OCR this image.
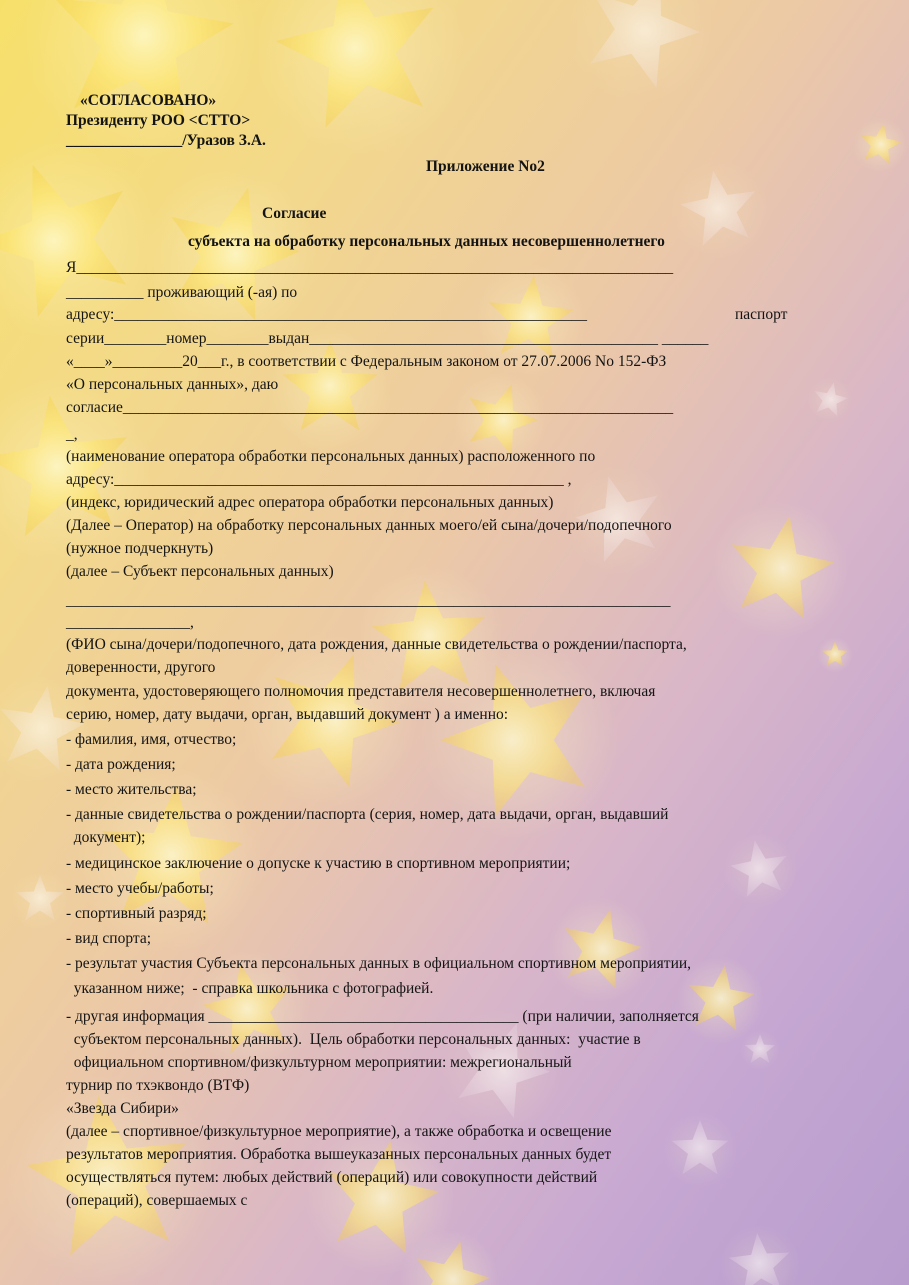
«СОГЛАСОВАНО»

Президенту РОО <СТТО>

_______________/Уразов З.А.

Приложение No2

Согласие

субъекта на обработку персональных данных несовершеннолетнего

Я_____________________________________________________________________________

__________ проживающий (-ая) по

адресу:_____________________________________________________________	паспорт

серии________номер________выдан_____________________________________________ ______

«____»_________20___г., в соответствии с Федеральным законом от 27.07.2006 No 152-ФЗ

«О персональных данных», даю

согласие_______________________________________________________________________

_,

(наименование оператора обработки персональных данных) расположенного по

адресу:__________________________________________________________ ,

(индекс, юридический адрес оператора обработки персональных данных)

(Далее – Оператор) на обработку персональных данных моего/ей сына/дочери/подопечного

(нужное подчеркнуть)

(далее – Субъект персональных данных)

______________________________________________________________________________

________________,

(ФИО сына/дочери/подопечного, дата рождения, данные свидетельства о рождении/паспорта,

доверенности, другого

документа, удостоверяющего полномочия представителя несовершеннолетнего, включая

серию, номер, дату выдачи, орган, выдавший документ ) а именно:

- фамилия, имя, отчество;

- дата рождения;

- место жительства;

- данные свидетельства о рождении/паспорта (серия, номер, дата выдачи, орган, выдавший

документ);

- медицинское заключение о допуске к участию в спортивном мероприятии;

- место учебы/работы;

- спортивный разряд;

- вид спорта;

- результат участия Субъекта персональных данных в официальном спортивном мероприятии,

указанном ниже;  - справка школьника с фотографией.

- другая информация ________________________________________ (при наличии, заполняется

субъектом персональных данных).  Цель обработки персональных данных:  участие в

официальном спортивном/физкультурном мероприятии: межрегиональный

турнир по тхэквондо (ВТФ)

«Звезда Сибири»

(далее – спортивное/физкультурное мероприятие), а также обработка и освещение

результатов мероприятия. Обработка вышеуказанных персональных данных будет

осуществляться путем: любых действий (операций) или совокупности действий

(операций), совершаемых с
